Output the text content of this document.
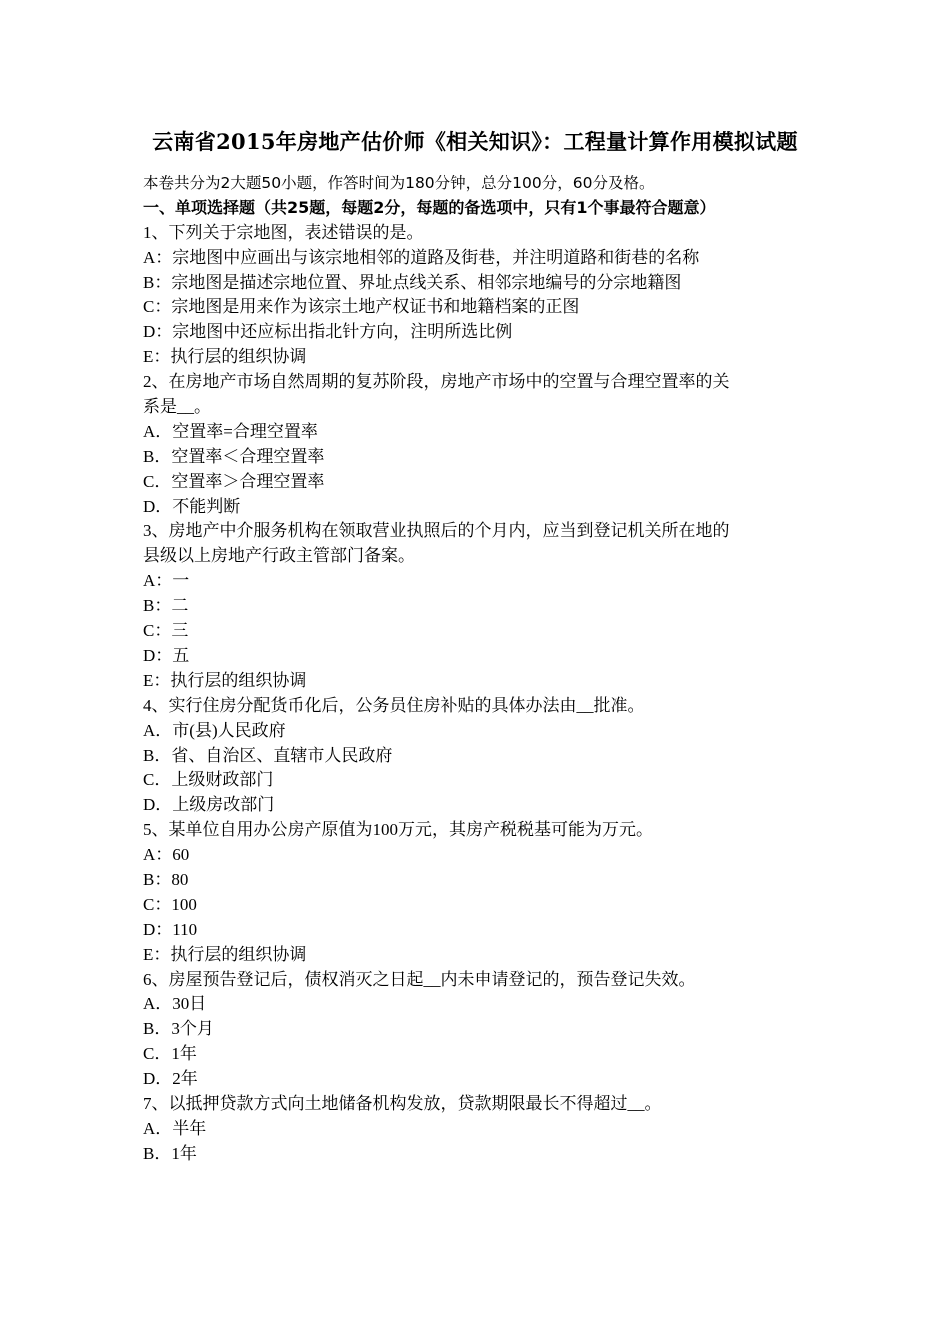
云南省2015年房地产估价师《相关知识》：工程量计算作用模拟试题
本卷共分为2大题50小题，作答时间为180分钟，总分100分，60分及格。
一、单项选择题（共25题，每题2分，每题的备选项中，只有1个事最符合题意）
1、下列关于宗地图，表述错误的是。
A：宗地图中应画出与该宗地相邻的道路及街巷，并注明道路和街巷的名称
B：宗地图是描述宗地位置、界址点线关系、相邻宗地编号的分宗地籍图
C：宗地图是用来作为该宗土地产权证书和地籍档案的正图
D：宗地图中还应标出指北针方向，注明所选比例
E：执行层的组织协调
2、在房地产市场自然周期的复苏阶段，房地产市场中的空置与合理空置率的关
系是__。
A．空置率=合理空置率
B．空置率＜合理空置率
C．空置率＞合理空置率
D．不能判断
3、房地产中介服务机构在领取营业执照后的个月内，应当到登记机关所在地的
县级以上房地产行政主管部门备案。
A：一
B：二
C：三
D：五
E：执行层的组织协调
4、实行住房分配货币化后，公务员住房补贴的具体办法由__批准。
A．市(县)人民政府
B．省、自治区、直辖市人民政府
C．上级财政部门
D．上级房改部门
5、某单位自用办公房产原值为100万元，其房产税税基可能为万元。
A：60
B：80
C：100
D：110
E：执行层的组织协调
6、房屋预告登记后，债权消灭之日起__内未申请登记的，预告登记失效。
A．30日
B．3个月
C．1年
D．2年
7、以抵押贷款方式向土地储备机构发放，贷款期限最长不得超过__。
A．半年
B．1年
